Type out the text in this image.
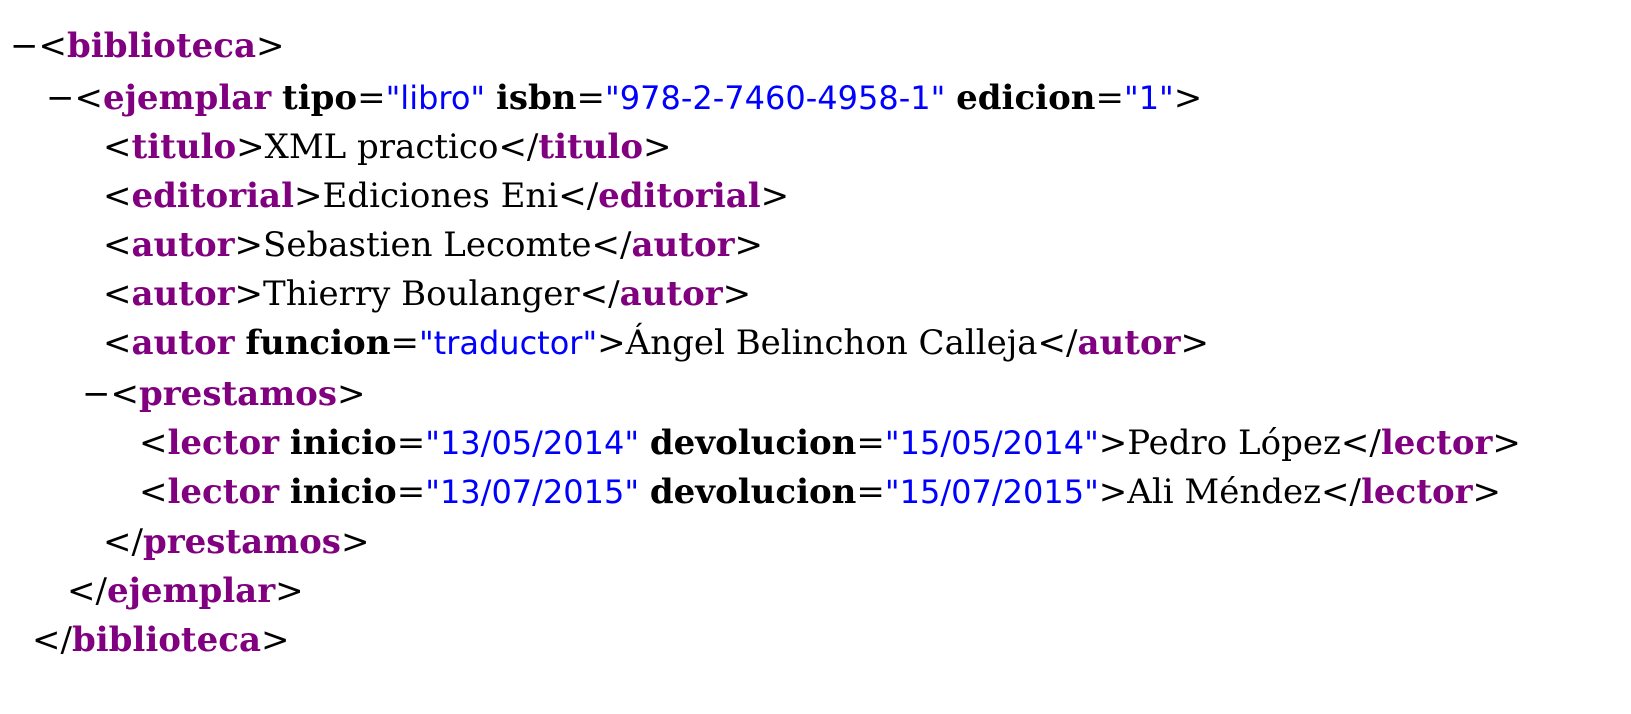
−<biblioteca>
−<ejemplar tipo="libro" isbn="978-2-7460-4958-1" edicion="1">
<titulo>XML practico</titulo>
<editorial>Ediciones Eni</editorial>
<autor>Sebastien Lecomte</autor>
<autor>Thierry Boulanger</autor>
<autor funcion="traductor">Ángel Belinchon Calleja</autor>
−<prestamos>
<lector inicio="13/05/2014" devolucion="15/05/2014">Pedro López</lector>
<lector inicio="13/07/2015" devolucion="15/07/2015">Ali Méndez</lector>
</prestamos>
</ejemplar>
</biblioteca>
